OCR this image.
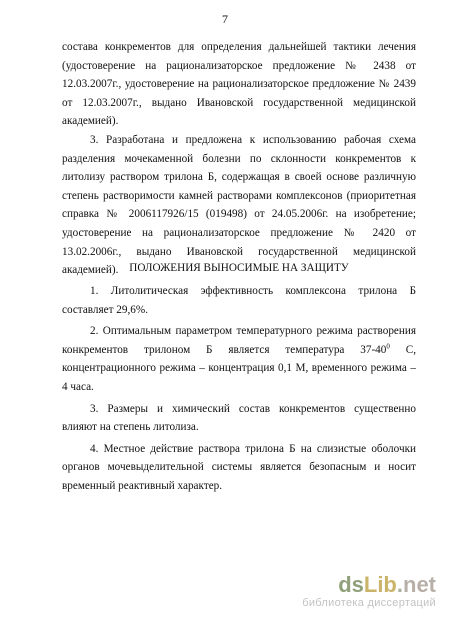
7

состава конкрементов для определения дальнейшей тактики лечения (удостоверение на рационализаторское предложение № 2438 от 12.03.2007г., удостоверение на рационализаторское предложение № 2439 от 12.03.2007г., выдано Ивановской государственной медицинской академией).

3. Разработана и предложена к использованию рабочая схема разделения мочекаменной болезни по склонности конкрементов к литолизу раствором трилона Б, содержащая в своей основе различную степень растворимости камней растворами комплексонов (приоритетная справка № 2006117926/15 (019498) от 24.05.2006г. на изобретение; удостоверение на рационализаторское предложение № 2420 от 13.02.2006г., выдано Ивановской государственной медицинской академией). ПОЛОЖЕНИЯ ВЫНОСИМЫЕ НА ЗАЩИТУ

1. Литолитическая эффективность комплексона трилона Б составляет 29,6%.

2. Оптимальным параметром температурного режима растворения конкрементов трилоном Б является температура $37-40^0$ С, концентрационного режима – концентрация 0,1 М, временного режима – 4 часа.

3. Размеры и химический состав конкрементов существенно влияют на степень литолиза.

4. Местное действие раствора трилона Б на слизистые оболочки органов мочевыделительной системы является безопасным и носит временный реактивный характер.

dsLib.net
библиотека диссертаций
